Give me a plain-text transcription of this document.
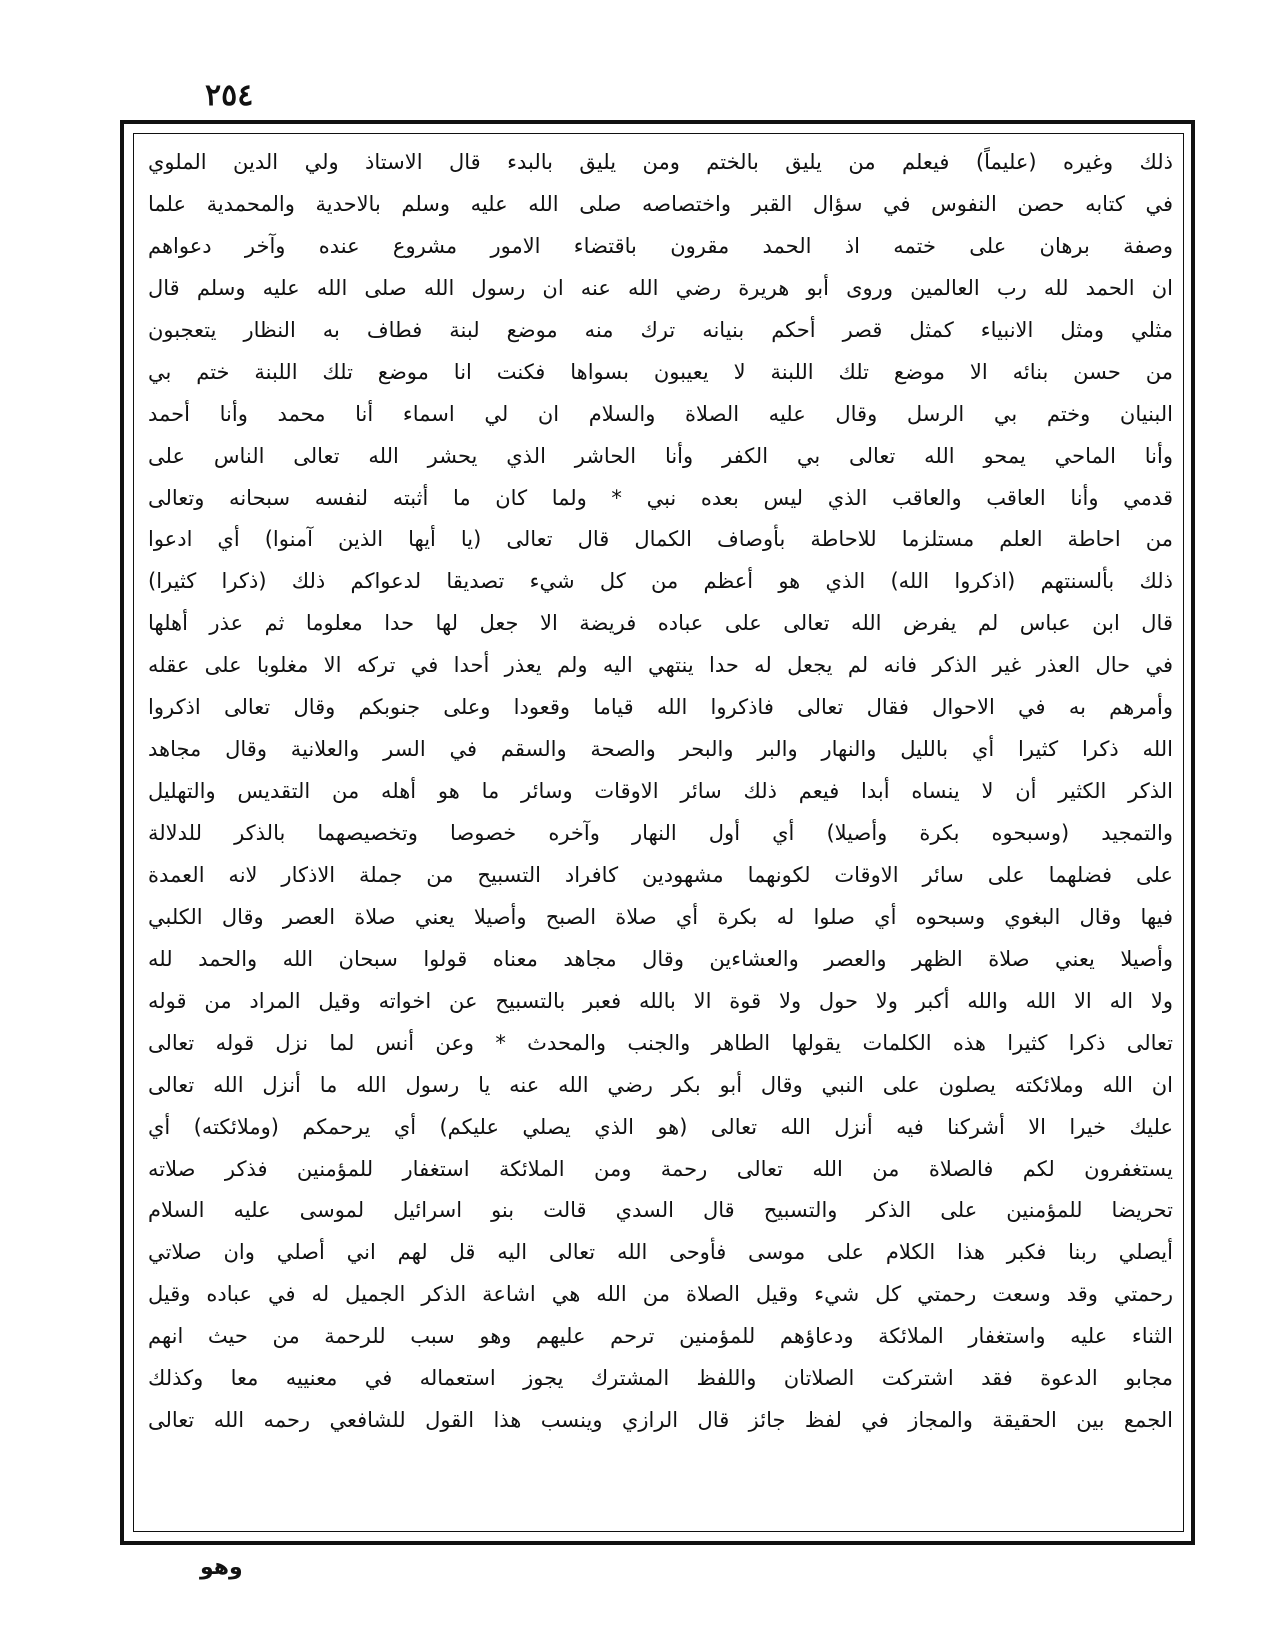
٢٥٤
ذلك وغيره (عليماً) فيعلم من يليق بالختم ومن يليق بالبدء قال الاستاذ ولي الدين الملوي
في كتابه حصن النفوس في سؤال القبر واختصاصه صلى الله عليه وسلم بالاحدية والمحمدية علما
وصفة برهان على ختمه اذ الحمد مقرون باقتضاء الامور مشروع عنده وآخر دعواهم
ان الحمد لله رب العالمين وروى أبو هريرة رضي الله عنه ان رسول الله صلى الله عليه وسلم قال
مثلي ومثل الانبياء كمثل قصر أحكم بنيانه ترك منه موضع لبنة فطاف به النظار يتعجبون
من حسن بنائه الا موضع تلك اللبنة لا يعيبون بسواها فكنت انا موضع تلك اللبنة ختم بي
البنيان وختم بي الرسل وقال عليه الصلاة والسلام ان لي اسماء أنا محمد وأنا أحمد
وأنا الماحي يمحو الله تعالى بي الكفر وأنا الحاشر الذي يحشر الله تعالى الناس على
قدمي وأنا العاقب والعاقب الذي ليس بعده نبي * ولما كان ما أثبته لنفسه سبحانه وتعالى
من احاطة العلم مستلزما للاحاطة بأوصاف الكمال قال تعالى (يا أيها الذين آمنوا) أي ادعوا
ذلك بألسنتهم (اذكروا الله) الذي هو أعظم من كل شيء تصديقا لدعواكم ذلك (ذكرا كثيرا)
قال ابن عباس لم يفرض الله تعالى على عباده فريضة الا جعل لها حدا معلوما ثم عذر أهلها
في حال العذر غير الذكر فانه لم يجعل له حدا ينتهي اليه ولم يعذر أحدا في تركه الا مغلوبا على عقله
وأمرهم به في الاحوال فقال تعالى فاذكروا الله قياما وقعودا وعلى جنوبكم وقال تعالى اذكروا
الله ذكرا كثيرا أي بالليل والنهار والبر والبحر والصحة والسقم في السر والعلانية وقال مجاهد
الذكر الكثير أن لا ينساه أبدا فيعم ذلك سائر الاوقات وسائر ما هو أهله من التقديس والتهليل
والتمجيد (وسبحوه بكرة وأصيلا) أي أول النهار وآخره خصوصا وتخصيصهما بالذكر للدلالة
على فضلهما على سائر الاوقات لكونهما مشهودين كافراد التسبيح من جملة الاذكار لانه العمدة
فيها وقال البغوي وسبحوه أي صلوا له بكرة أي صلاة الصبح وأصيلا يعني صلاة العصر وقال الكلبي
وأصيلا يعني صلاة الظهر والعصر والعشاءين وقال مجاهد معناه قولوا سبحان الله والحمد لله
ولا اله الا الله والله أكبر ولا حول ولا قوة الا بالله فعبر بالتسبيح عن اخواته وقيل المراد من قوله
تعالى ذكرا كثيرا هذه الكلمات يقولها الطاهر والجنب والمحدث * وعن أنس لما نزل قوله تعالى
ان الله وملائكته يصلون على النبي وقال أبو بكر رضي الله عنه يا رسول الله ما أنزل الله تعالى
عليك خيرا الا أشركنا فيه أنزل الله تعالى (هو الذي يصلي عليكم) أي يرحمكم (وملائكته) أي
يستغفرون لكم فالصلاة من الله تعالى رحمة ومن الملائكة استغفار للمؤمنين فذكر صلاته
تحريضا للمؤمنين على الذكر والتسبيح قال السدي قالت بنو اسرائيل لموسى عليه السلام
أيصلي ربنا فكبر هذا الكلام على موسى فأوحى الله تعالى اليه قل لهم اني أصلي وان صلاتي
رحمتي وقد وسعت رحمتي كل شيء وقيل الصلاة من الله هي اشاعة الذكر الجميل له في عباده وقيل
الثناء عليه واستغفار الملائكة ودعاؤهم للمؤمنين ترحم عليهم وهو سبب للرحمة من حيث انهم
مجابو الدعوة فقد اشتركت الصلاتان واللفظ المشترك يجوز استعماله في معنييه معا وكذلك
الجمع بين الحقيقة والمجاز في لفظ جائز قال الرازي وينسب هذا القول للشافعي رحمه الله تعالى
وهو
